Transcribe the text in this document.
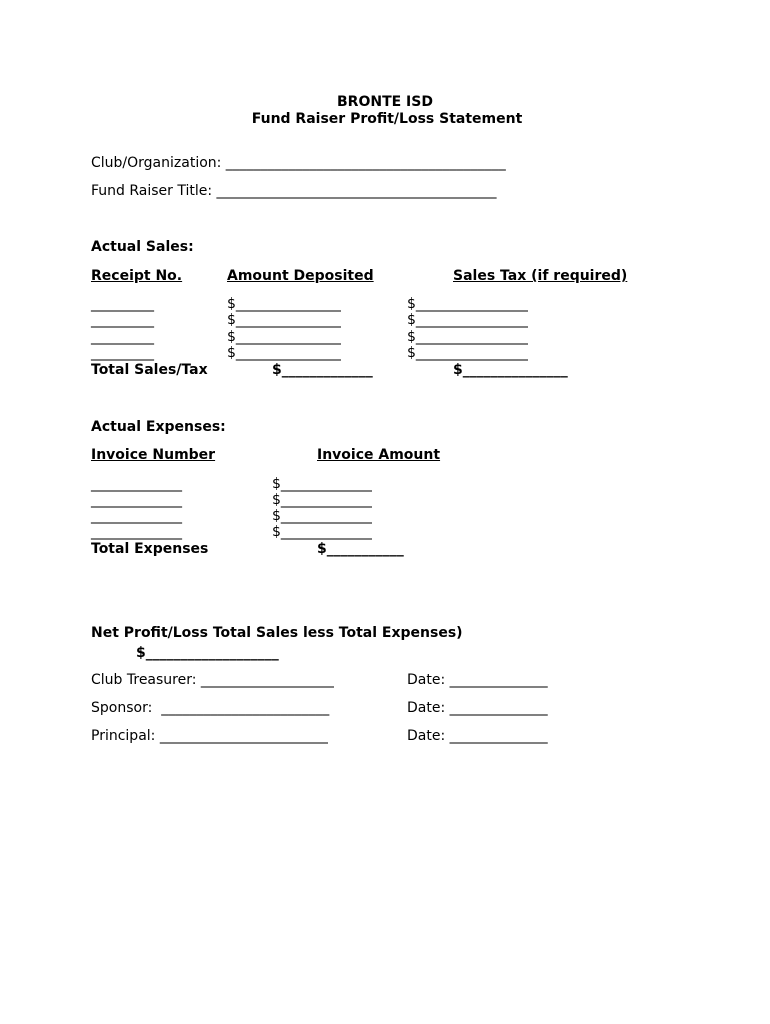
BRONTE ISD
Fund Raiser Profit/Loss Statement
Club/Organization: ________________________________________
Fund Raiser Title: ________________________________________
Actual Sales:
Receipt No.	Amount Deposited	Sales Tax (if required)
_________	$_______________	$________________
_________	$_______________	$________________
_________	$_______________	$________________
_________	$_______________	$________________
Total Sales/Tax	$_____________	$_______________
Actual Expenses:
Invoice Number	Invoice Amount
_____________	$_____________
_____________	$_____________
_____________	$_____________
_____________	$_____________
Total Expenses	$___________
Net Profit/Loss Total Sales less Total Expenses)
$___________________
Club Treasurer: ___________________	Date: ______________
Sponsor:  ________________________	Date: ______________
Principal: ________________________	Date: ______________
